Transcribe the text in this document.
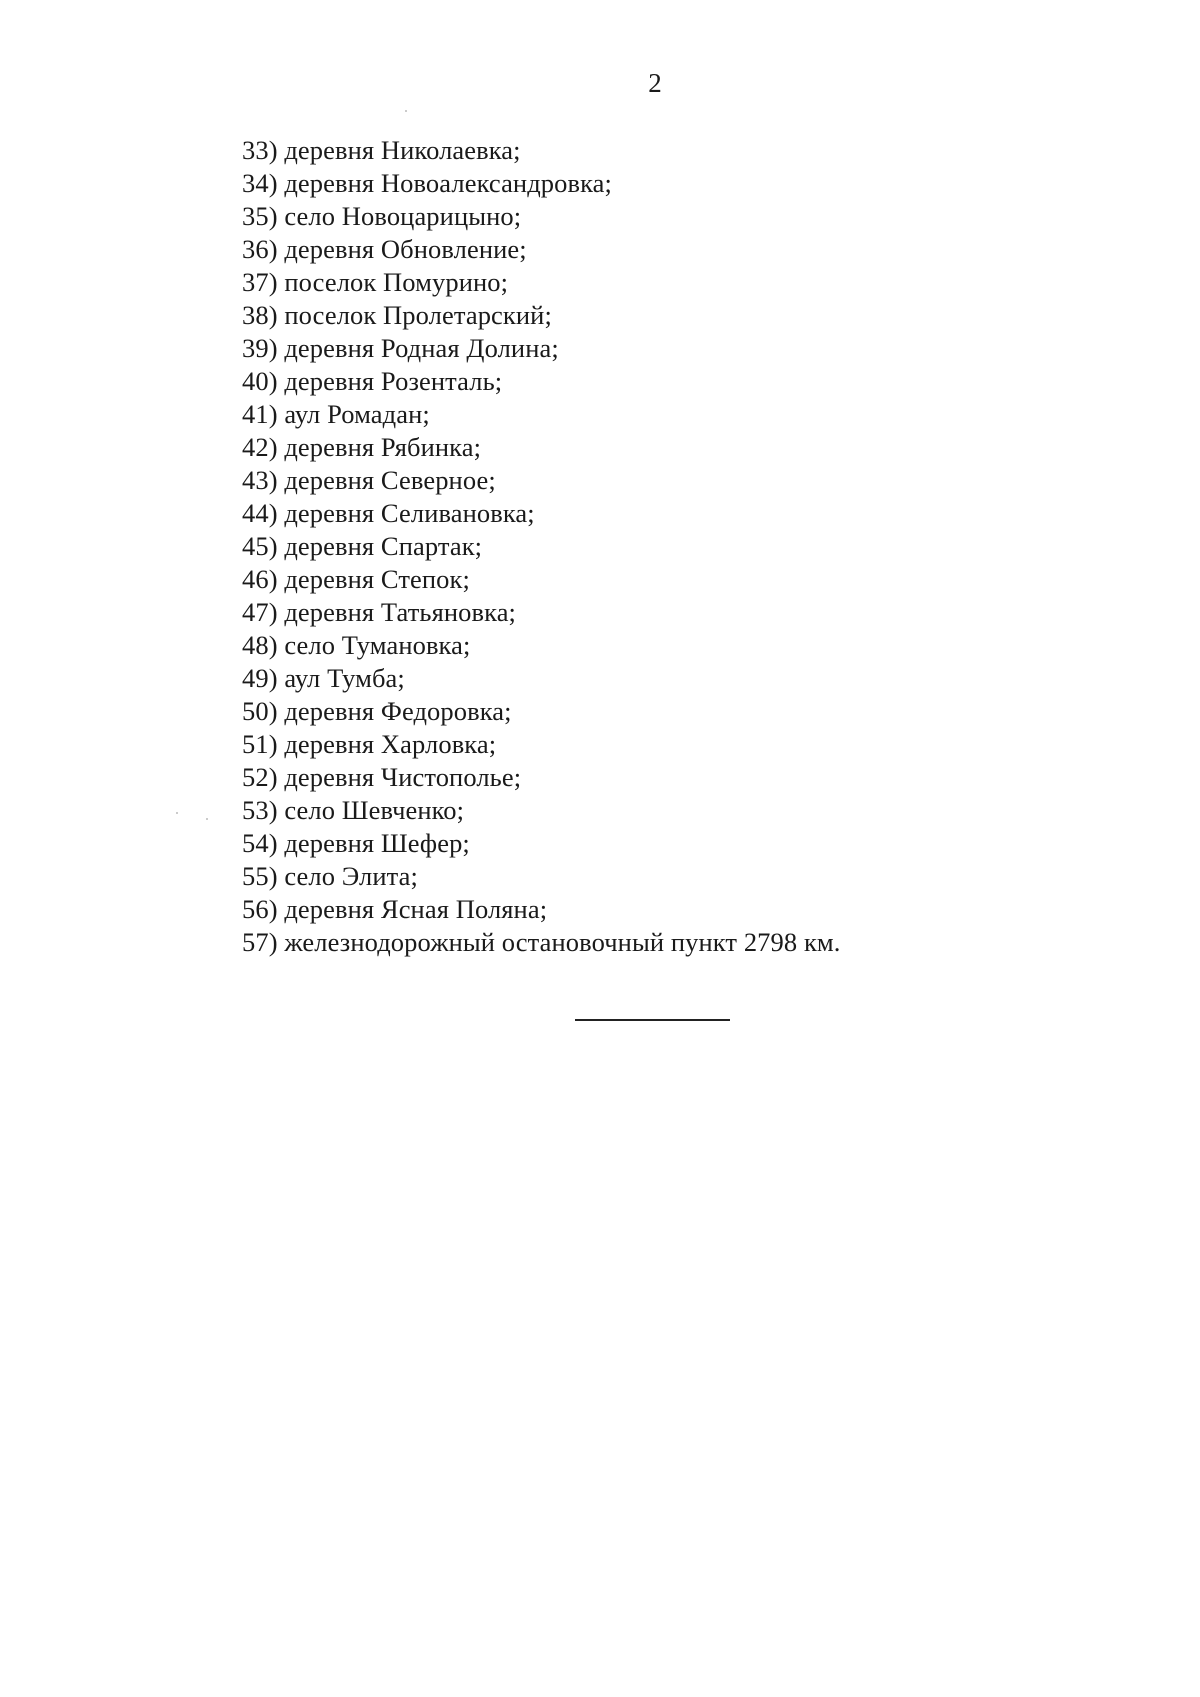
2
33) деревня Николаевка;
34) деревня Новоалександровка;
35) село Новоцарицыно;
36) деревня Обновление;
37) поселок Помурино;
38) поселок Пролетарский;
39) деревня Родная Долина;
40) деревня Розенталь;
41) аул Ромадан;
42) деревня Рябинка;
43) деревня Северное;
44) деревня Селивановка;
45) деревня Спартак;
46) деревня Степок;
47) деревня Татьяновка;
48) село Тумановка;
49) аул Тумба;
50) деревня Федоровка;
51) деревня Харловка;
52) деревня Чистополье;
53) село Шевченко;
54) деревня Шефер;
55) село Элита;
56) деревня Ясная Поляна;
57) железнодорожный остановочный пункт 2798 км.
